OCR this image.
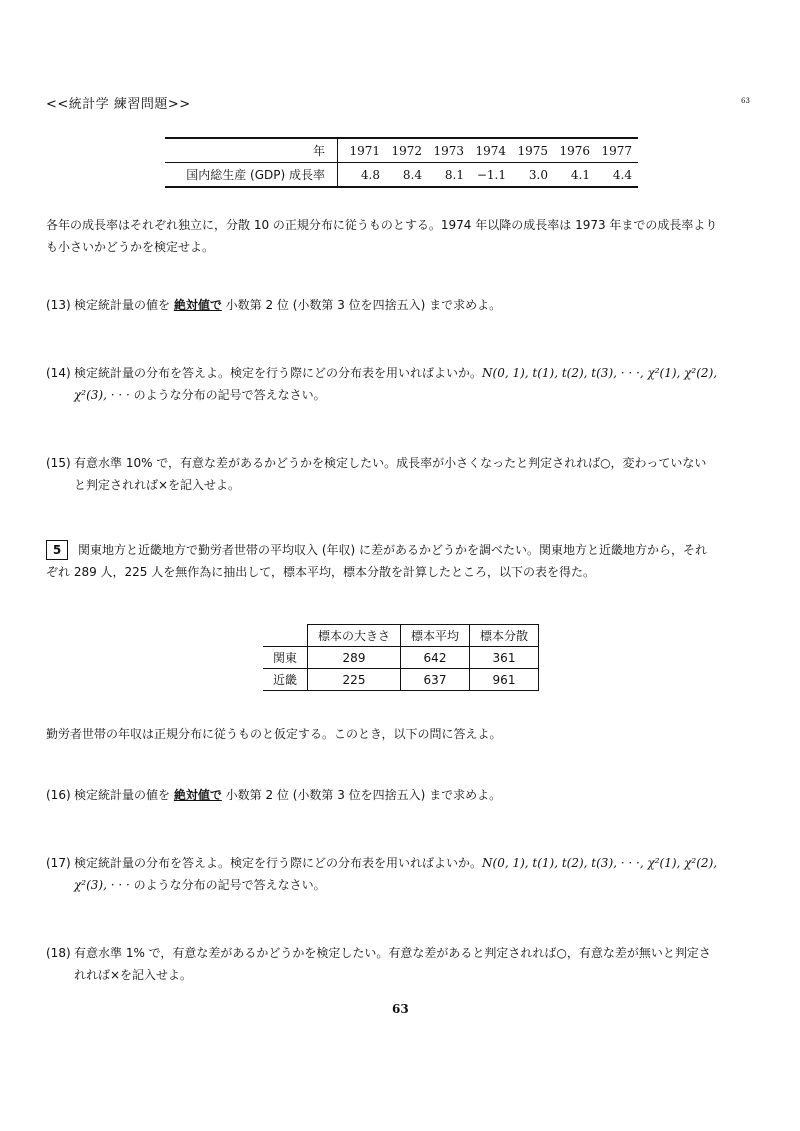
<<統計学 練習問題>>	63
年	1971	1972	1973	1974	1975	1976	1977
国内総生産 (GDP) 成長率	4.8	8.4	8.1	−1.1	3.0	4.1	4.4
各年の成長率はそれぞれ独立に，分散 10 の正規分布に従うものとする。1974 年以降の成長率は 1973 年までの成長率より
も小さいかどうかを検定せよ。
(13) 検定統計量の値を 絶対値で 小数第 2 位 (小数第 3 位を四捨五入) まで求めよ。
(14) 検定統計量の分布を答えよ。検定を行う際にどの分布表を用いればよいか。N(0, 1), t(1), t(2), t(3), · · ·, χ²(1), χ²(2),
χ²(3), · · · のような分布の記号で答えなさい。
(15) 有意水準 10% で，有意な差があるかどうかを検定したい。成長率が小さくなったと判定されれば○，変わっていない
と判定されれば×を記入せよ。
5 関東地方と近畿地方で勤労者世帯の平均収入 (年収) に差があるかどうかを調べたい。関東地方と近畿地方から，それ
ぞれ 289 人，225 人を無作為に抽出して，標本平均，標本分散を計算したところ，以下の表を得た。
	標本の大きさ	標本平均	標本分散
関東	289	642	361
近畿	225	637	961
勤労者世帯の年収は正規分布に従うものと仮定する。このとき，以下の問に答えよ。
(16) 検定統計量の値を 絶対値で 小数第 2 位 (小数第 3 位を四捨五入) まで求めよ。
(17) 検定統計量の分布を答えよ。検定を行う際にどの分布表を用いればよいか。N(0, 1), t(1), t(2), t(3), · · ·, χ²(1), χ²(2),
χ²(3), · · · のような分布の記号で答えなさい。
(18) 有意水準 1% で，有意な差があるかどうかを検定したい。有意な差があると判定されれば○，有意な差が無いと判定さ
れれば×を記入せよ。
63
